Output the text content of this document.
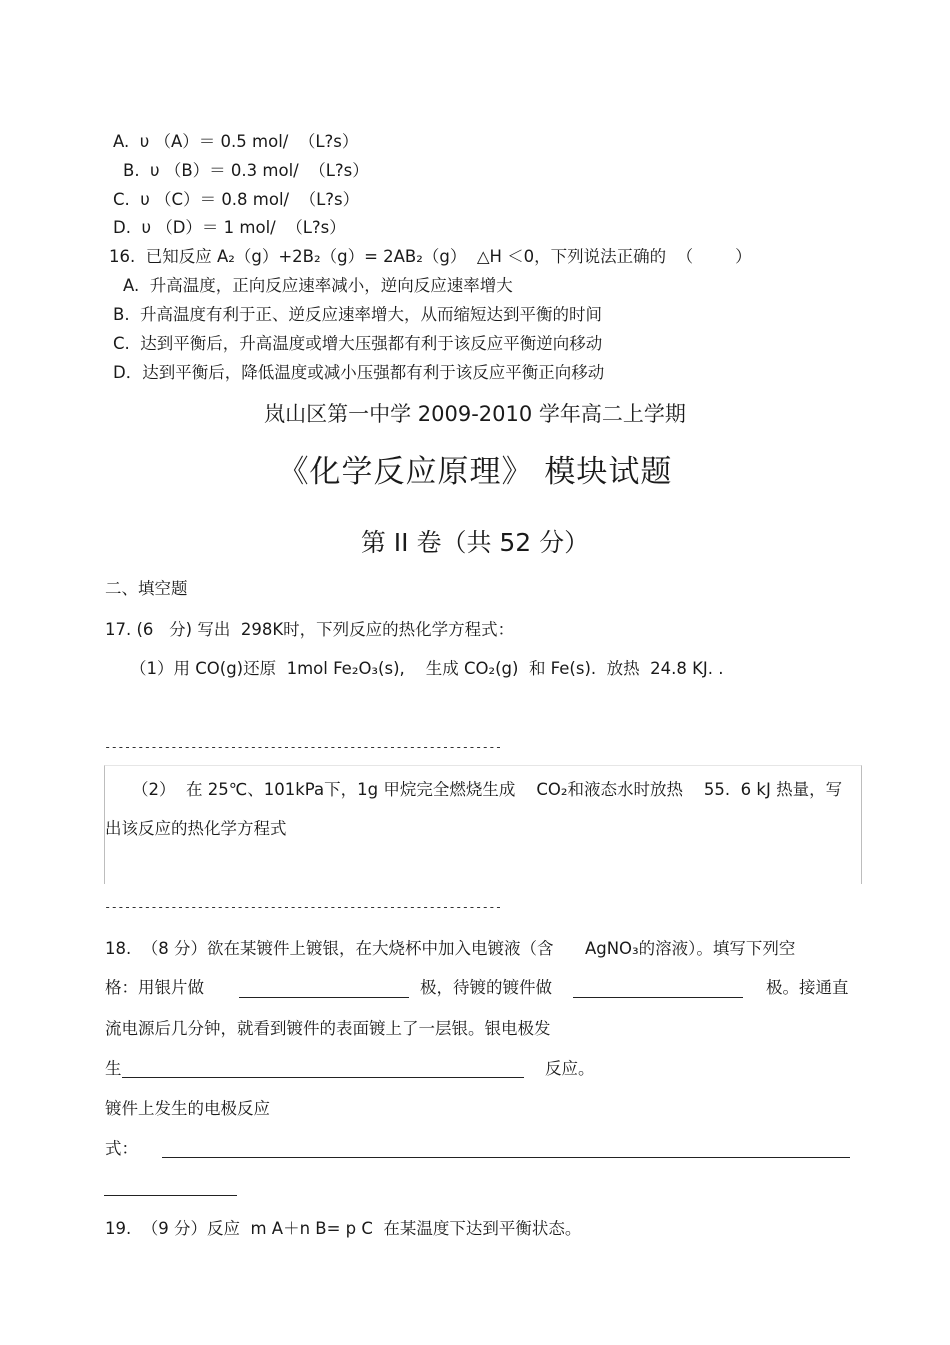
A.  υ （A）＝ 0.5 mol/  （L?s）
B.  υ （B）＝ 0.3 mol/  （L?s）
C.  υ （C）＝ 0.8 mol/  （L?s）
D.  υ （D）＝ 1 mol/  （L?s）
16.  已知反应 A₂（g）+2B₂（g）= 2AB₂（g）  △H ＜0，下列说法正确的  （        ）
A.  升高温度，正向反应速率减小，逆向反应速率增大
B.  升高温度有利于正、逆反应速率增大，从而缩短达到平衡的时间
C.  达到平衡后，升高温度或增大压强都有利于该反应平衡逆向移动
D．达到平衡后，降低温度或减小压强都有利于该反应平衡正向移动
岚山区第一中学 2009-2010 学年高二上学期
《化学反应原理》 模块试题
第 II 卷（共 52 分）
二、填空题
17. (6   分) 写出  298K时，下列反应的热化学方程式：
（1）用 CO(g)还原  1mol Fe₂O₃(s),    生成 CO₂(g)  和 Fe(s).  放热  24.8 KJ. .
------------------------------------------------------------
（2）  在 25℃、101kPa下，1g 甲烷完全燃烧生成    CO₂和液态水时放热    55.  6 kJ 热量，写
出该反应的热化学方程式
------------------------------------------------------------
18.  （8 分）欲在某镀件上镀银，在大烧杯中加入电镀液（含      AgNO₃的溶液）。填写下列空
格：用银片做	极，待镀的镀件做	极。接通直
流电源后几分钟，就看到镀件的表面镀上了一层银。银电极发
生	反应。
镀件上发生的电极反应
式：
19.  （9 分）反应  m A＋n B= p C  在某温度下达到平衡状态。
